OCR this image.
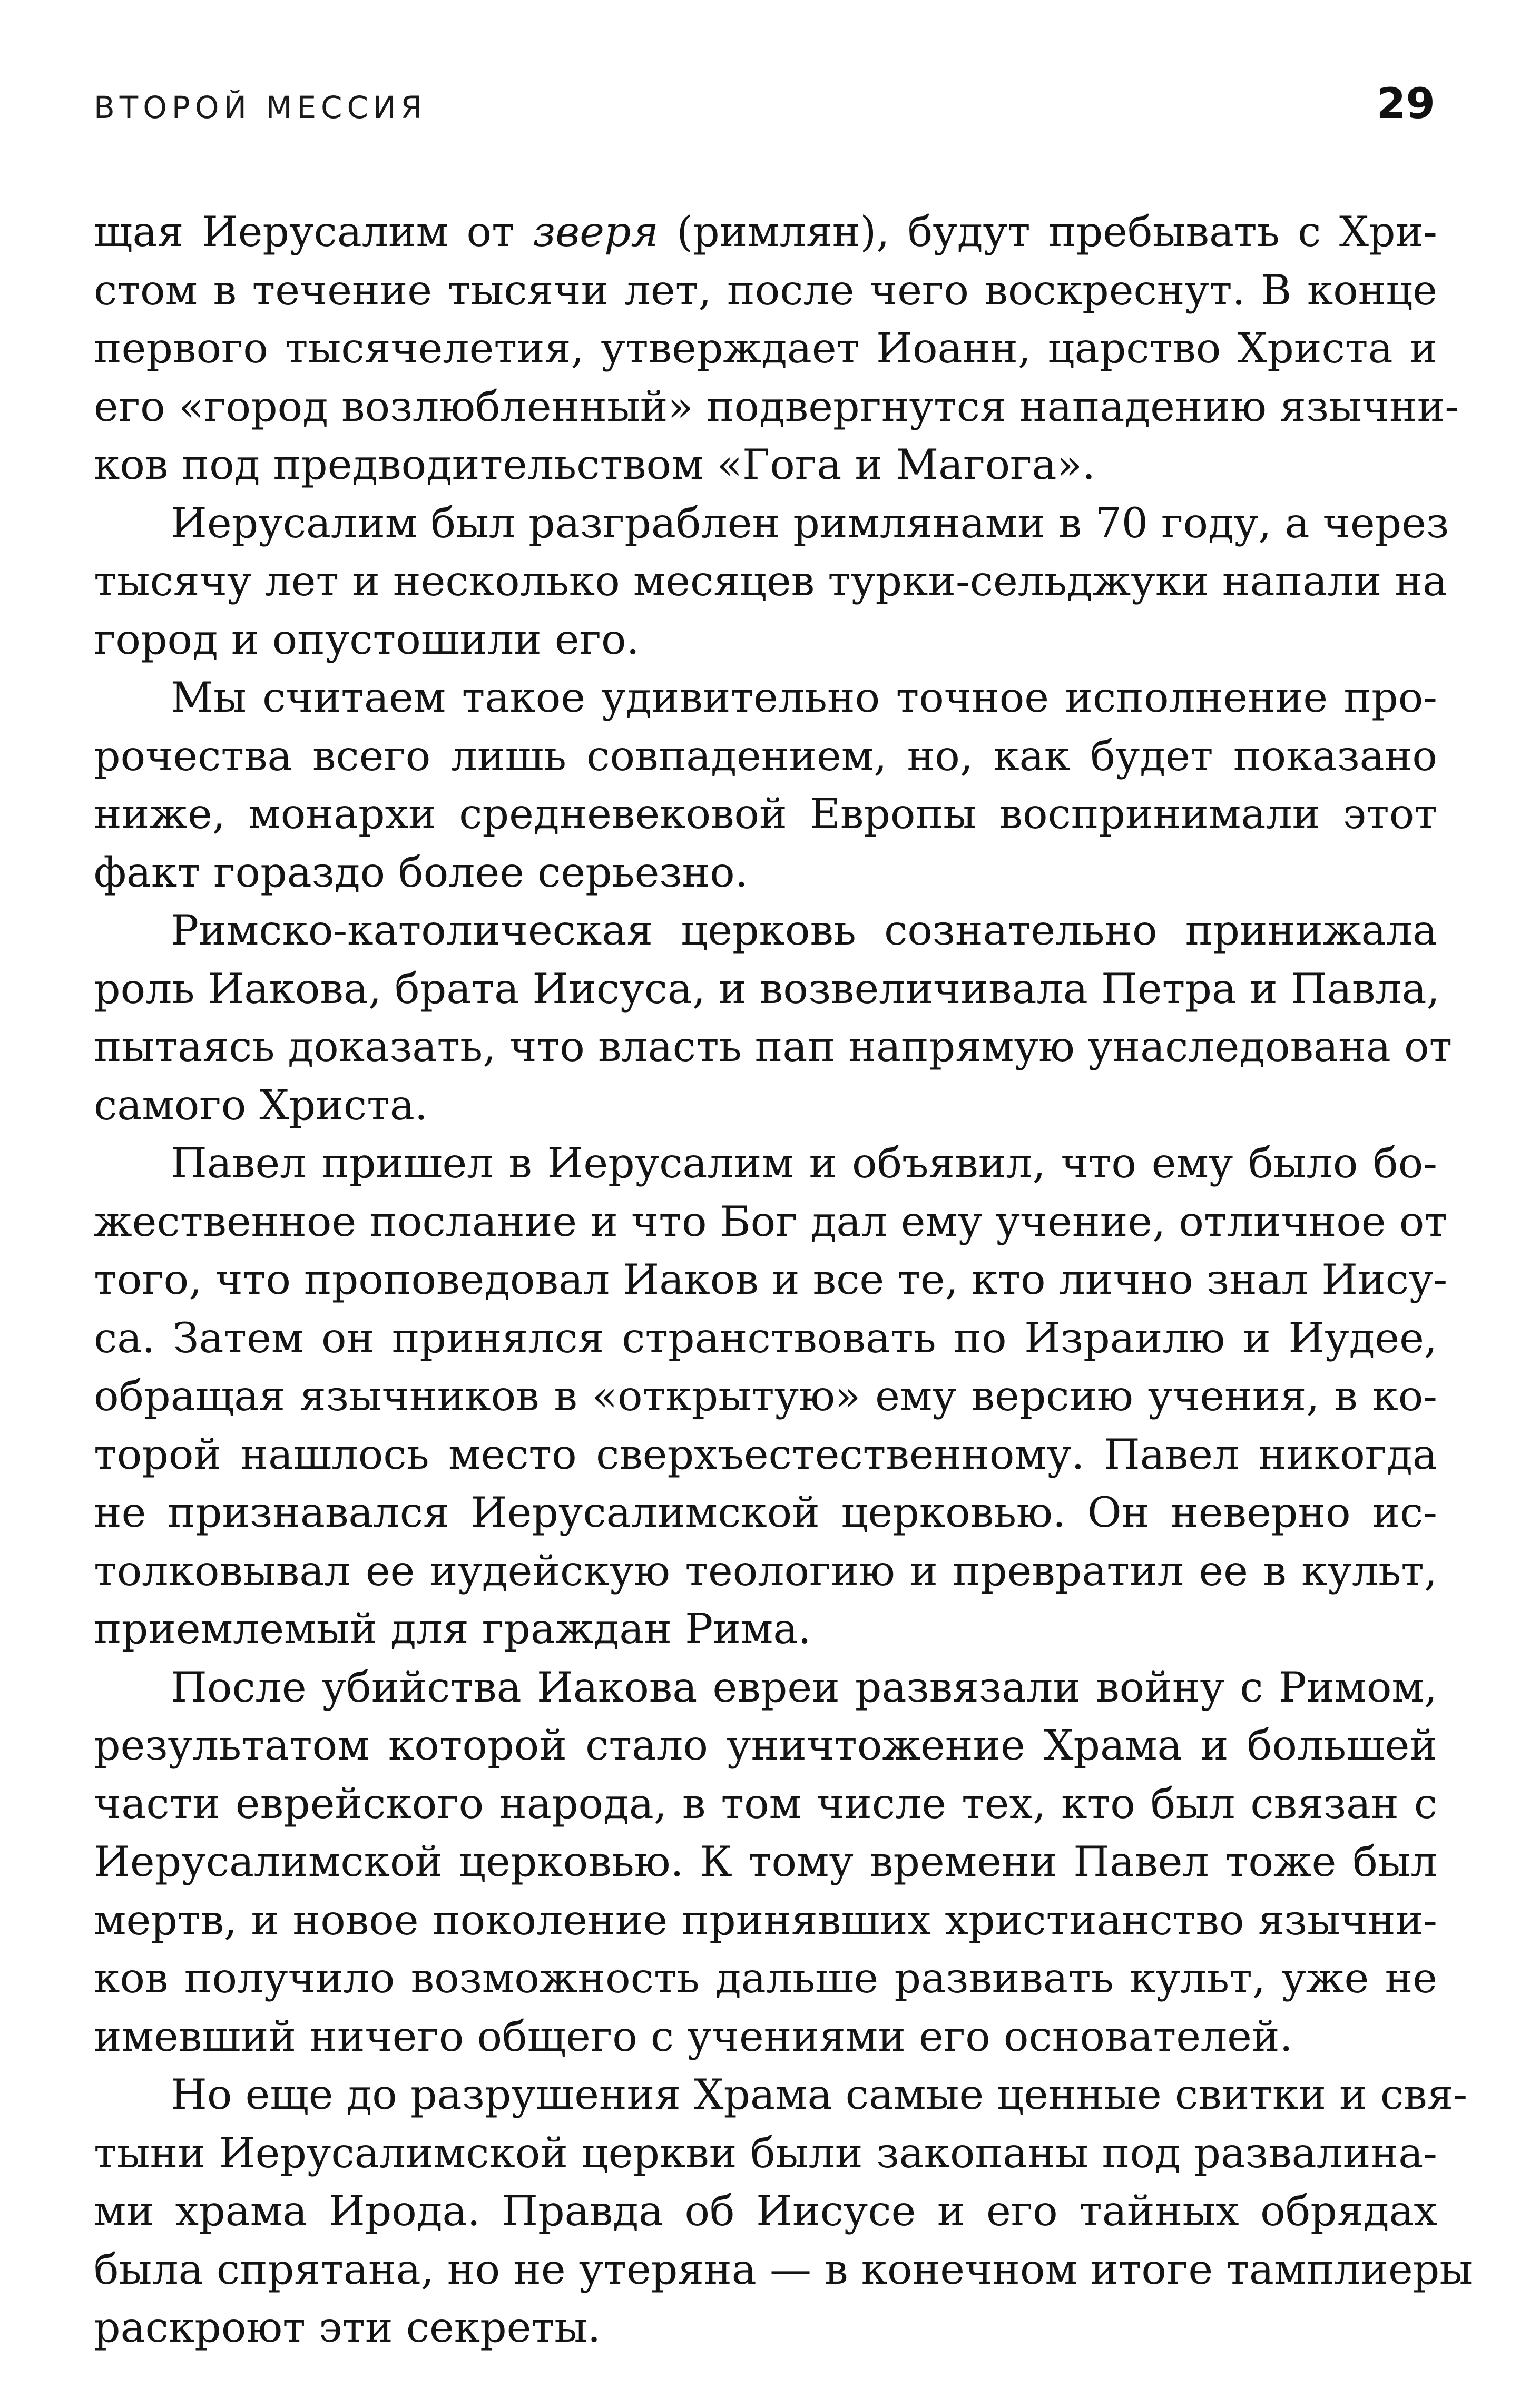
ВТОРОЙ МЕССИЯ	29
щая Иерусалим от зверя (римлян), будут пребывать с Хри-
стом в течение тысячи лет, после чего воскреснут. В конце
первого тысячелетия, утверждает Иоанн, царство Христа и
его «город возлюбленный» подвергнутся нападению язычни-
ков под предводительством «Гога и Магога».
Иерусалим был разграблен римлянами в 70 году, а через
тысячу лет и несколько месяцев турки-сельджуки напали на
город и опустошили его.
Мы считаем такое удивительно точное исполнение про-
рочества всего лишь совпадением, но, как будет показано
ниже, монархи средневековой Европы воспринимали этот
факт гораздо более серьезно.
Римско-католическая церковь сознательно принижала
роль Иакова, брата Иисуса, и возвеличивала Петра и Павла,
пытаясь доказать, что власть пап напрямую унаследована от
самого Христа.
Павел пришел в Иерусалим и объявил, что ему было бо-
жественное послание и что Бог дал ему учение, отличное от
того, что проповедовал Иаков и все те, кто лично знал Иису-
са. Затем он принялся странствовать по Израилю и Иудее,
обращая язычников в «открытую» ему версию учения, в ко-
торой нашлось место сверхъестественному. Павел никогда
не признавался Иерусалимской церковью. Он неверно ис-
толковывал ее иудейскую теологию и превратил ее в культ,
приемлемый для граждан Рима.
После убийства Иакова евреи развязали войну с Римом,
результатом которой стало уничтожение Храма и большей
части еврейского народа, в том числе тех, кто был связан с
Иерусалимской церковью. К тому времени Павел тоже был
мертв, и новое поколение принявших христианство язычни-
ков получило возможность дальше развивать культ, уже не
имевший ничего общего с учениями его основателей.
Но еще до разрушения Храма самые ценные свитки и свя-
тыни Иерусалимской церкви были закопаны под развалина-
ми храма Ирода. Правда об Иисусе и его тайных обрядах
была спрятана, но не утеряна — в конечном итоге тамплиеры
раскроют эти секреты.
